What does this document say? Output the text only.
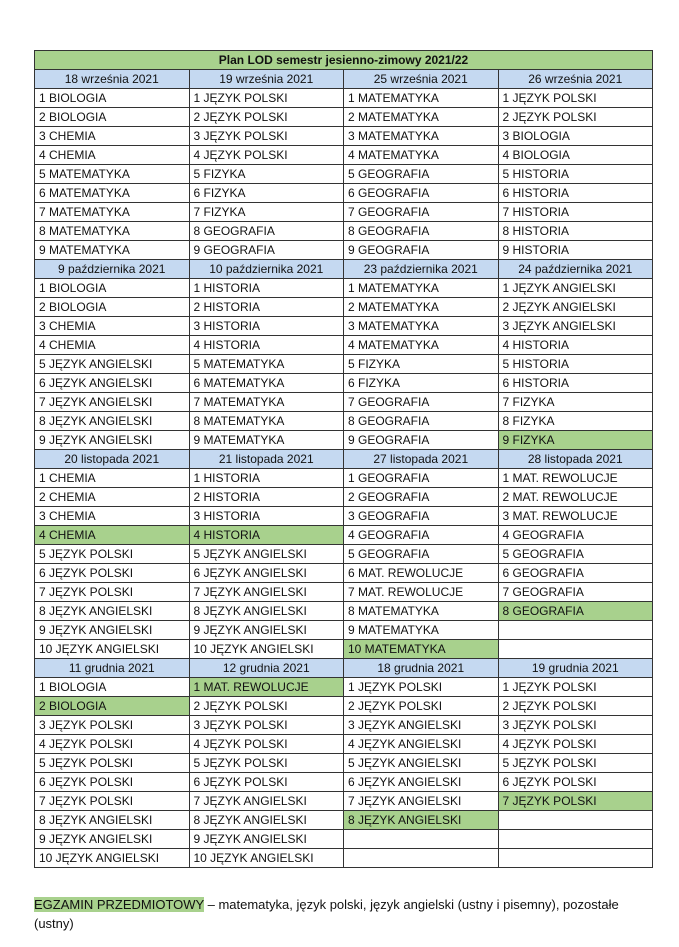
Plan LOD semestr jesienno-zimowy 2021/22			
18 września 2021	19 września 2021	25 września 2021	26 września 2021
1 BIOLOGIA	1 JĘZYK POLSKI	1 MATEMATYKA	1 JĘZYK POLSKI
2 BIOLOGIA	2 JĘZYK POLSKI	2 MATEMATYKA	2 JĘZYK POLSKI
3 CHEMIA	3 JĘZYK POLSKI	3 MATEMATYKA	3 BIOLOGIA
4 CHEMIA	4 JĘZYK POLSKI	4 MATEMATYKA	4 BIOLOGIA
5 MATEMATYKA	5 FIZYKA	5 GEOGRAFIA	5 HISTORIA
6 MATEMATYKA	6 FIZYKA	6 GEOGRAFIA	6 HISTORIA
7 MATEMATYKA	7 FIZYKA	7 GEOGRAFIA	7 HISTORIA
8 MATEMATYKA	8 GEOGRAFIA	8 GEOGRAFIA	8 HISTORIA
9 MATEMATYKA	9 GEOGRAFIA	9 GEOGRAFIA	9 HISTORIA
9 października 2021	10 października 2021	23 października 2021	24 października 2021
1 BIOLOGIA	1 HISTORIA	1 MATEMATYKA	1 JĘZYK ANGIELSKI
2 BIOLOGIA	2 HISTORIA	2 MATEMATYKA	2 JĘZYK ANGIELSKI
3 CHEMIA	3 HISTORIA	3 MATEMATYKA	3 JĘZYK ANGIELSKI
4 CHEMIA	4 HISTORIA	4 MATEMATYKA	4 HISTORIA
5 JĘZYK ANGIELSKI	5 MATEMATYKA	5 FIZYKA	5 HISTORIA
6 JĘZYK ANGIELSKI	6 MATEMATYKA	6 FIZYKA	6 HISTORIA
7 JĘZYK ANGIELSKI	7 MATEMATYKA	7 GEOGRAFIA	7 FIZYKA
8 JĘZYK ANGIELSKI	8 MATEMATYKA	8 GEOGRAFIA	8 FIZYKA
9 JĘZYK ANGIELSKI	9 MATEMATYKA	9 GEOGRAFIA	9 FIZYKA
20 listopada 2021	21 listopada 2021	27 listopada 2021	28 listopada 2021
1 CHEMIA	1 HISTORIA	1 GEOGRAFIA	1 MAT. REWOLUCJE
2 CHEMIA	2 HISTORIA	2 GEOGRAFIA	2 MAT. REWOLUCJE
3 CHEMIA	3 HISTORIA	3 GEOGRAFIA	3 MAT. REWOLUCJE
4 CHEMIA	4 HISTORIA	4 GEOGRAFIA	4 GEOGRAFIA
5 JĘZYK POLSKI	5 JĘZYK ANGIELSKI	5 GEOGRAFIA	5 GEOGRAFIA
6 JĘZYK POLSKI	6 JĘZYK ANGIELSKI	6 MAT. REWOLUCJE	6 GEOGRAFIA
7 JĘZYK POLSKI	7 JĘZYK ANGIELSKI	7 MAT. REWOLUCJE	7 GEOGRAFIA
8 JĘZYK ANGIELSKI	8 JĘZYK ANGIELSKI	8 MATEMATYKA	8 GEOGRAFIA
9 JĘZYK ANGIELSKI	9 JĘZYK ANGIELSKI	9 MATEMATYKA	
10 JĘZYK ANGIELSKI	10 JĘZYK ANGIELSKI	10 MATEMATYKA	
11 grudnia 2021	12 grudnia 2021	18 grudnia 2021	19 grudnia 2021
1 BIOLOGIA	1 MAT. REWOLUCJE	1 JĘZYK POLSKI	1 JĘZYK POLSKI
2 BIOLOGIA	2 JĘZYK POLSKI	2 JĘZYK POLSKI	2 JĘZYK POLSKI
3 JĘZYK POLSKI	3 JĘZYK POLSKI	3 JĘZYK ANGIELSKI	3 JĘZYK POLSKI
4 JĘZYK POLSKI	4 JĘZYK POLSKI	4 JĘZYK ANGIELSKI	4 JĘZYK POLSKI
5 JĘZYK POLSKI	5 JĘZYK POLSKI	5 JĘZYK ANGIELSKI	5 JĘZYK POLSKI
6 JĘZYK POLSKI	6 JĘZYK POLSKI	6 JĘZYK ANGIELSKI	6 JĘZYK POLSKI
7 JĘZYK POLSKI	7 JĘZYK ANGIELSKI	7 JĘZYK ANGIELSKI	7 JĘZYK POLSKI
8 JĘZYK ANGIELSKI	8 JĘZYK ANGIELSKI	8 JĘZYK ANGIELSKI	
9 JĘZYK ANGIELSKI	9 JĘZYK ANGIELSKI		
10 JĘZYK ANGIELSKI	10 JĘZYK ANGIELSKI		
EGZAMIN PRZEDMIOTOWY – matematyka, język polski, język angielski (ustny i pisemny), pozostałe (ustny)
